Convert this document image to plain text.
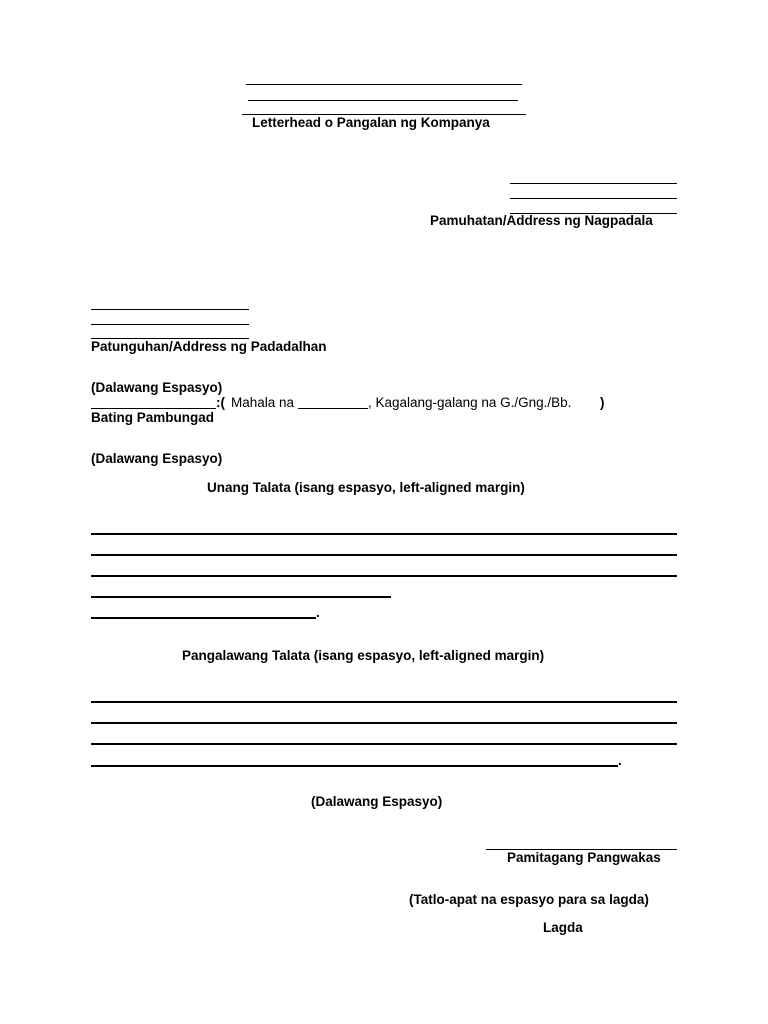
Letterhead o Pangalan ng Kompanya
Pamuhatan/Address ng Nagpadala
Patunguhan/Address ng Padadalhan
(Dalawang Espasyo)
:( Mahala na	, Kagalang-galang na G./Gng./Bb. )
Bating Pambungad
(Dalawang Espasyo)
Unang Talata (isang espasyo, left-aligned margin)
.
Pangalawang Talata (isang espasyo, left-aligned margin)
.
(Dalawang Espasyo)
Pamitagang Pangwakas
(Tatlo-apat na espasyo para sa lagda)
Lagda
